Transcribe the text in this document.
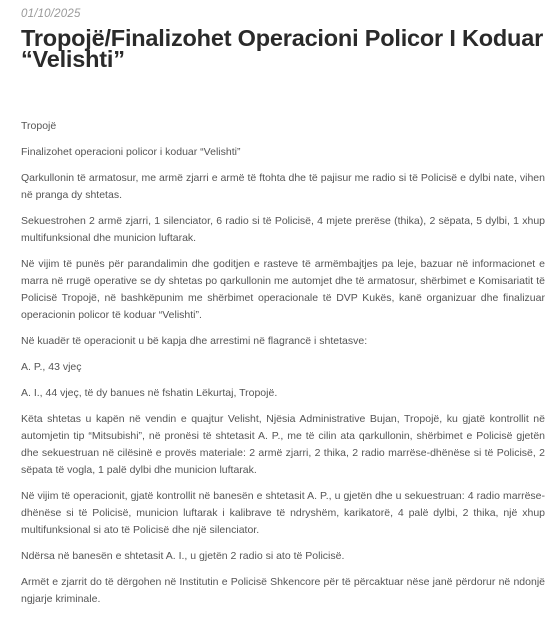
01/10/2025
Tropojë/Finalizohet Operacioni Policor I Koduar “Velishti”

Tropojë

Finalizohet operacioni policor i koduar “Velishti”

Qarkullonin të armatosur, me armë zjarri e armë të ftohta dhe të pajisur me radio si të Policisë e dylbi nate, vihen në pranga dy shtetas.

Sekuestrohen 2 armë zjarri, 1 silenciator, 6 radio si të Policisë, 4 mjete prerëse (thika), 2 sëpata, 5 dylbi, 1 xhup multifunksional dhe municion luftarak.

Në vijim të punës për parandalimin dhe goditjen e rasteve të armëmbajtjes pa leje, bazuar në informacionet e marra në rrugë operative se dy shtetas po qarkullonin me automjet dhe të armatosur, shërbimet e Komisariatit të Policisë Tropojë, në bashkëpunim me shërbimet operacionale të DVP Kukës, kanë organizuar dhe finalizuar operacionin policor të koduar “Velishti”.

Në kuadër të operacionit u bë kapja dhe arrestimi në flagrancë i shtetasve:

A. P., 43 vjeç

A. I., 44 vjeç, të dy banues në fshatin Lëkurtaj, Tropojë.

Këta shtetas u kapën në vendin e quajtur Velisht, Njësia Administrative Bujan, Tropojë, ku gjatë kontrollit në automjetin tip “Mitsubishi”, në pronësi të shtetasit A. P., me të cilin ata qarkullonin, shërbimet e Policisë gjetën dhe sekuestruan në cilësinë e provës materiale: 2 armë zjarri, 2 thika, 2 radio marrëse-dhënëse si të Policisë, 2 sëpata të vogla, 1 palë dylbi dhe municion luftarak.

Në vijim të operacionit, gjatë kontrollit në banesën e shtetasit A. P., u gjetën dhe u sekuestruan: 4 radio marrëse-dhënëse si të Policisë, municion luftarak i kalibrave të ndryshëm, karikatorë, 4 palë dylbi, 2 thika, një xhup multifunksional si ato të Policisë dhe një silenciator.

Ndërsa në banesën e shtetasit A. I., u gjetën 2 radio si ato të Policisë.

Armët e zjarrit do të dërgohen në Institutin e Policisë Shkencore për të përcaktuar nëse janë përdorur në ndonjë ngjarje kriminale.
